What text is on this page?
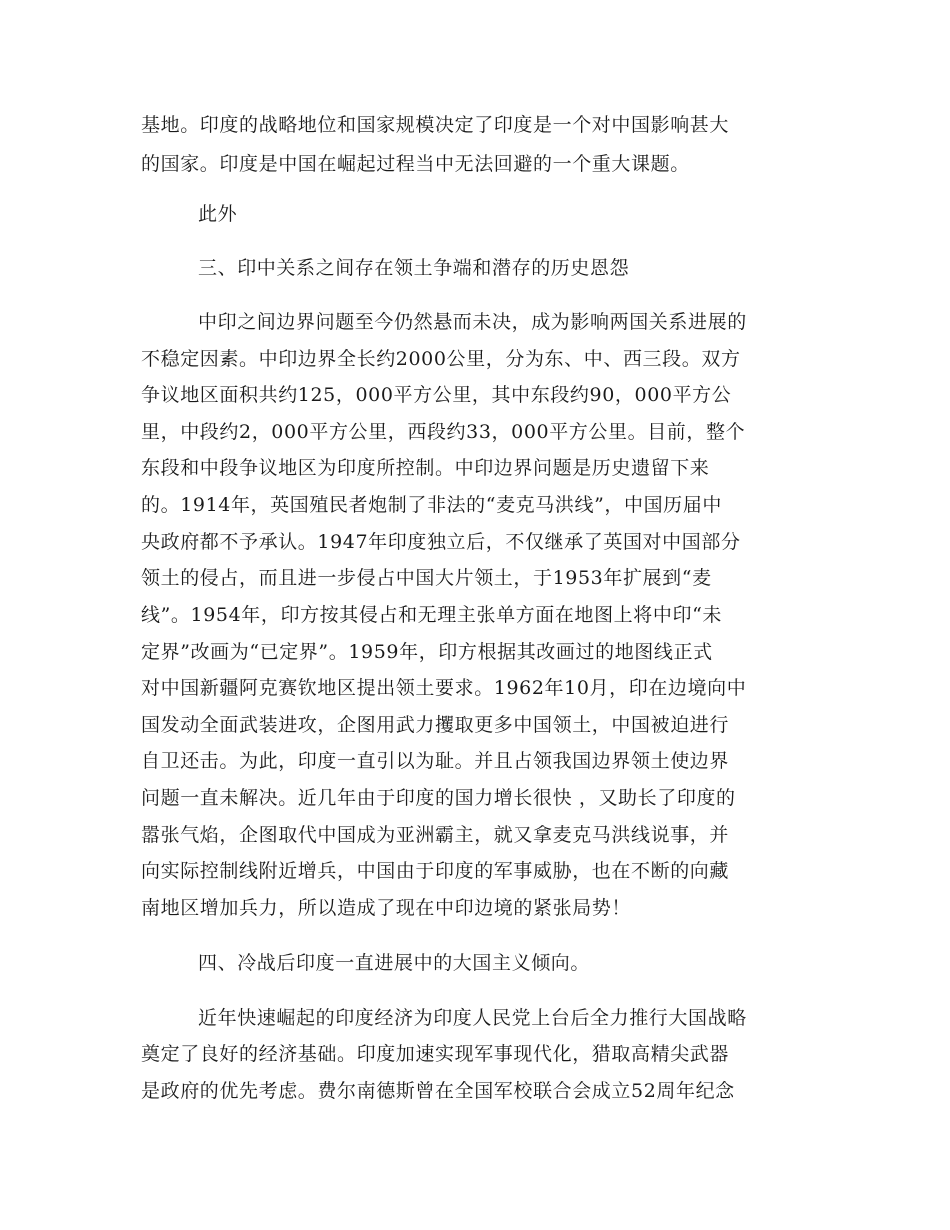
基地。印度的战略地位和国家规模决定了印度是一个对中国影响甚大
的国家。印度是中国在崛起过程当中无法回避的一个重大课题。
此外
三、印中关系之间存在领土争端和潜存的历史恩怨
中印之间边界问题至今仍然悬而未决，成为影响两国关系进展的
不稳定因素。中印边界全长约2000公里，分为东、中、西三段。双方
争议地区面积共约125，000平方公里，其中东段约90，000平方公
里，中段约2，000平方公里，西段约33，000平方公里。目前，整个
东段和中段争议地区为印度所控制。中印边界问题是历史遗留下来
的。1914年，英国殖民者炮制了非法的“麦克马洪线”，中国历届中
央政府都不予承认。1947年印度独立后，不仅继承了英国对中国部分
领土的侵占，而且进一步侵占中国大片领土，于1953年扩展到“麦
线”。1954年，印方按其侵占和无理主张单方面在地图上将中印“未
定界”改画为“已定界”。1959年，印方根据其改画过的地图线正式
对中国新疆阿克赛钦地区提出领土要求。1962年10月，印在边境向中
国发动全面武装进攻，企图用武力攫取更多中国领土，中国被迫进行
自卫还击。为此，印度一直引以为耻。并且占领我国边界领土使边界
问题一直未解决。近几年由于印度的国力增长很快 ，又助长了印度的
嚣张气焰，企图取代中国成为亚洲霸主，就又拿麦克马洪线说事，并
向实际控制线附近增兵，中国由于印度的军事威胁，也在不断的向藏
南地区增加兵力，所以造成了现在中印边境的紧张局势！
四、冷战后印度一直进展中的大国主义倾向。
近年快速崛起的印度经济为印度人民党上台后全力推行大国战略
奠定了良好的经济基础。印度加速实现军事现代化，猎取高精尖武器
是政府的优先考虑。费尔南德斯曾在全国军校联合会成立52周年纪念
